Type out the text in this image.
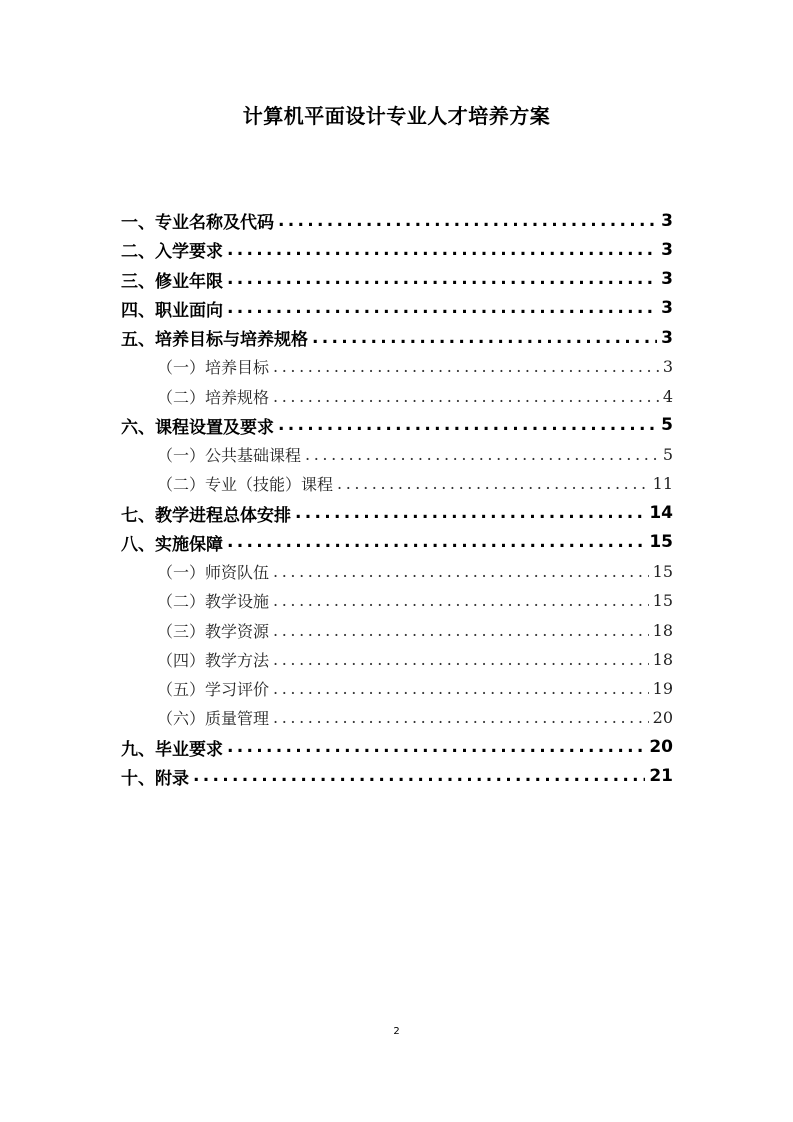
计算机平面设计专业人才培养方案
一、专业名称及代码 .....	3
二、入学要求 .....	3
三、修业年限 .....	3
四、职业面向 .....	3
五、培养目标与培养规格 .....	3
（一）培养目标 .....	3
（二）培养规格 .....	4
六、课程设置及要求 .....	5
（一）公共基础课程 .....	5
（二）专业（技能）课程 .....	11
七、教学进程总体安排 .....	14
八、实施保障 .....	15
（一）师资队伍 .....	15
（二）教学设施 .....	15
（三）教学资源 .....	18
（四）教学方法 .....	18
（五）学习评价 .....	19
（六）质量管理 .....	20
九、毕业要求 .....	20
十、附录 .....	21
2
